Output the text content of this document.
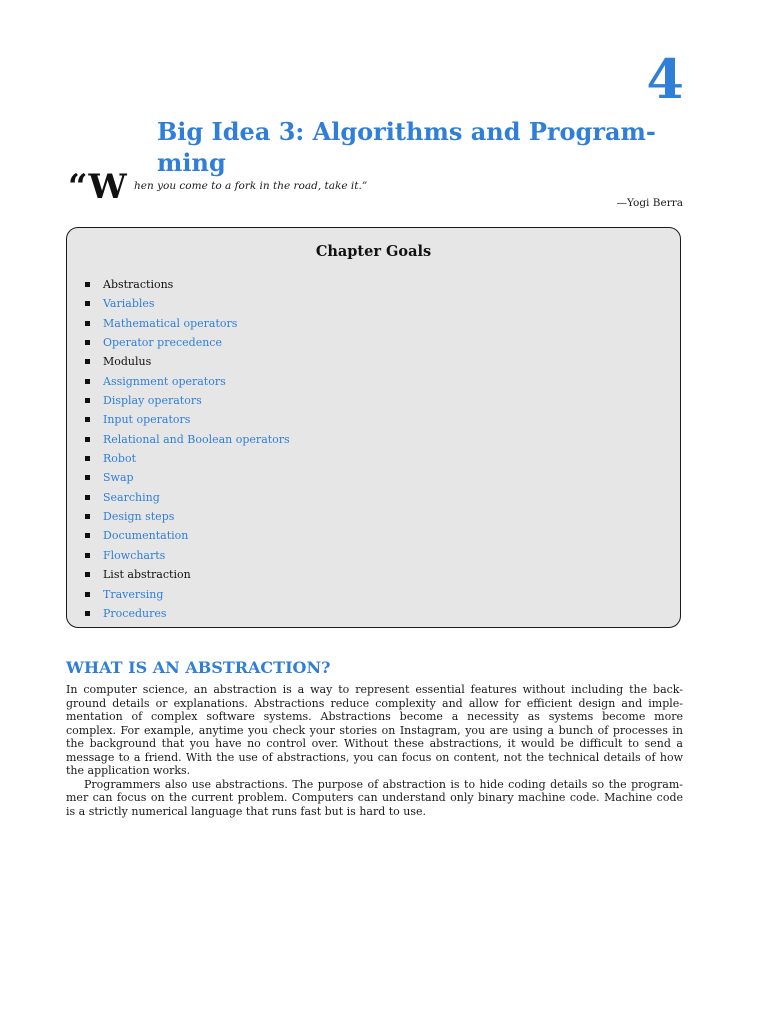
4
Big Idea 3: Algorithms and Program-
ming
“W hen you come to a fork in the road, take it.”
—Yogi Berra
Chapter Goals
Abstractions
Variables
Mathematical operators
Operator precedence
Modulus
Assignment operators
Display operators
Input operators
Relational and Boolean operators
Robot
Swap
Searching
Design steps
Documentation
Flowcharts
List abstraction
Traversing
Procedures
WHAT IS AN ABSTRACTION?
In computer science, an abstraction is a way to represent essential features without including the back-
ground details or explanations. Abstractions reduce complexity and allow for efficient design and imple-
mentation of complex software systems. Abstractions become a necessity as systems become more
complex. For example, anytime you check your stories on Instagram, you are using a bunch of processes in
the background that you have no control over. Without these abstractions, it would be difficult to send a
message to a friend. With the use of abstractions, you can focus on content, not the technical details of how
the application works.
Programmers also use abstractions. The purpose of abstraction is to hide coding details so the program-
mer can focus on the current problem. Computers can understand only binary machine code. Machine code
is a strictly numerical language that runs fast but is hard to use.
